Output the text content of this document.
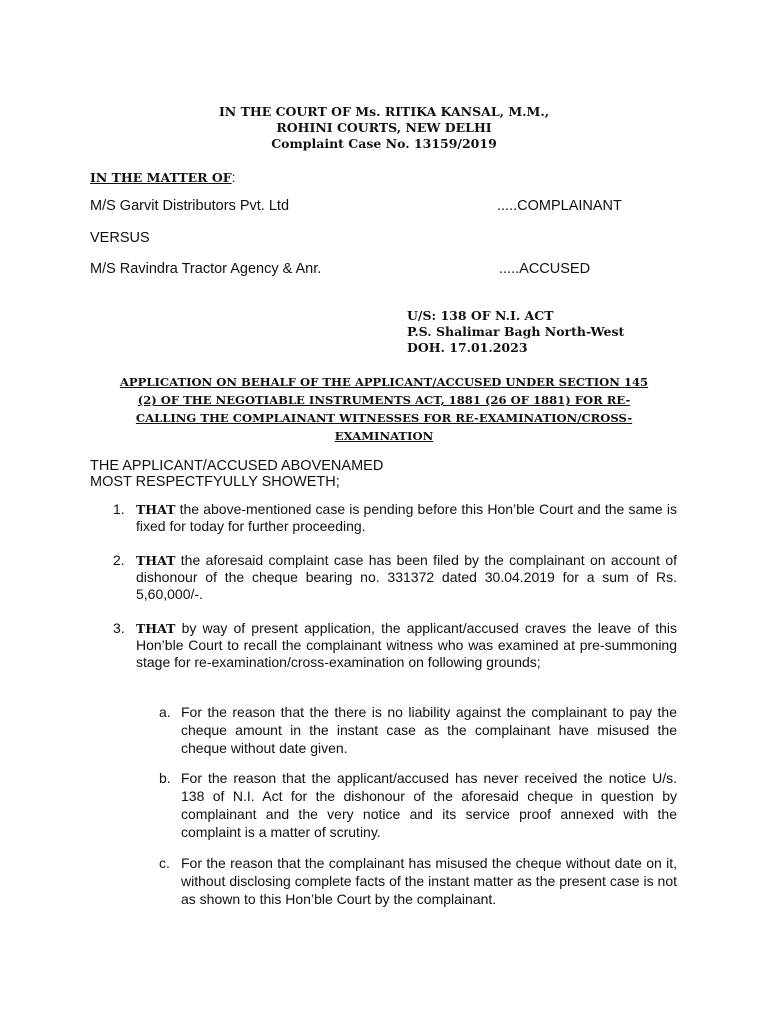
IN THE COURT OF Ms. RITIKA KANSAL, M.M.,
ROHINI COURTS, NEW DELHI
Complaint Case No. 13159/2019
IN THE MATTER OF:
M/S Garvit Distributors Pvt. Ltd	.....COMPLAINANT
VERSUS
M/S Ravindra Tractor Agency & Anr.	.....ACCUSED
U/S: 138 OF N.I. ACT
P.S. Shalimar Bagh North-West
DOH. 17.01.2023
APPLICATION ON BEHALF OF THE APPLICANT/ACCUSED UNDER SECTION 145
(2) OF THE NEGOTIABLE INSTRUMENTS ACT, 1881 (26 OF 1881) FOR RE-
CALLING THE COMPLAINANT WITNESSES FOR RE-EXAMINATION/CROSS-
EXAMINATION
THE APPLICANT/ACCUSED ABOVENAMED
MOST RESPECTFYULLY SHOWETH;
1. THAT the above-mentioned case is pending before this Hon’ble Court and the same is fixed for today for further proceeding.
2. THAT the aforesaid complaint case has been filed by the complainant on account of dishonour of the cheque bearing no. 331372 dated 30.04.2019 for a sum of Rs. 5,60,000/-.
3. THAT by way of present application, the applicant/accused craves the leave of this Hon’ble Court to recall the complainant witness who was examined at pre-summoning stage for re-examination/cross-examination on following grounds;
a. For the reason that the there is no liability against the complainant to pay the cheque amount in the instant case as the complainant have misused the cheque without date given.
b. For the reason that the applicant/accused has never received the notice U/s. 138 of N.I. Act for the dishonour of the aforesaid cheque in question by complainant and the very notice and its service proof annexed with the complaint is a matter of scrutiny.
c. For the reason that the complainant has misused the cheque without date on it, without disclosing complete facts of the instant matter as the present case is not as shown to this Hon’ble Court by the complainant.
